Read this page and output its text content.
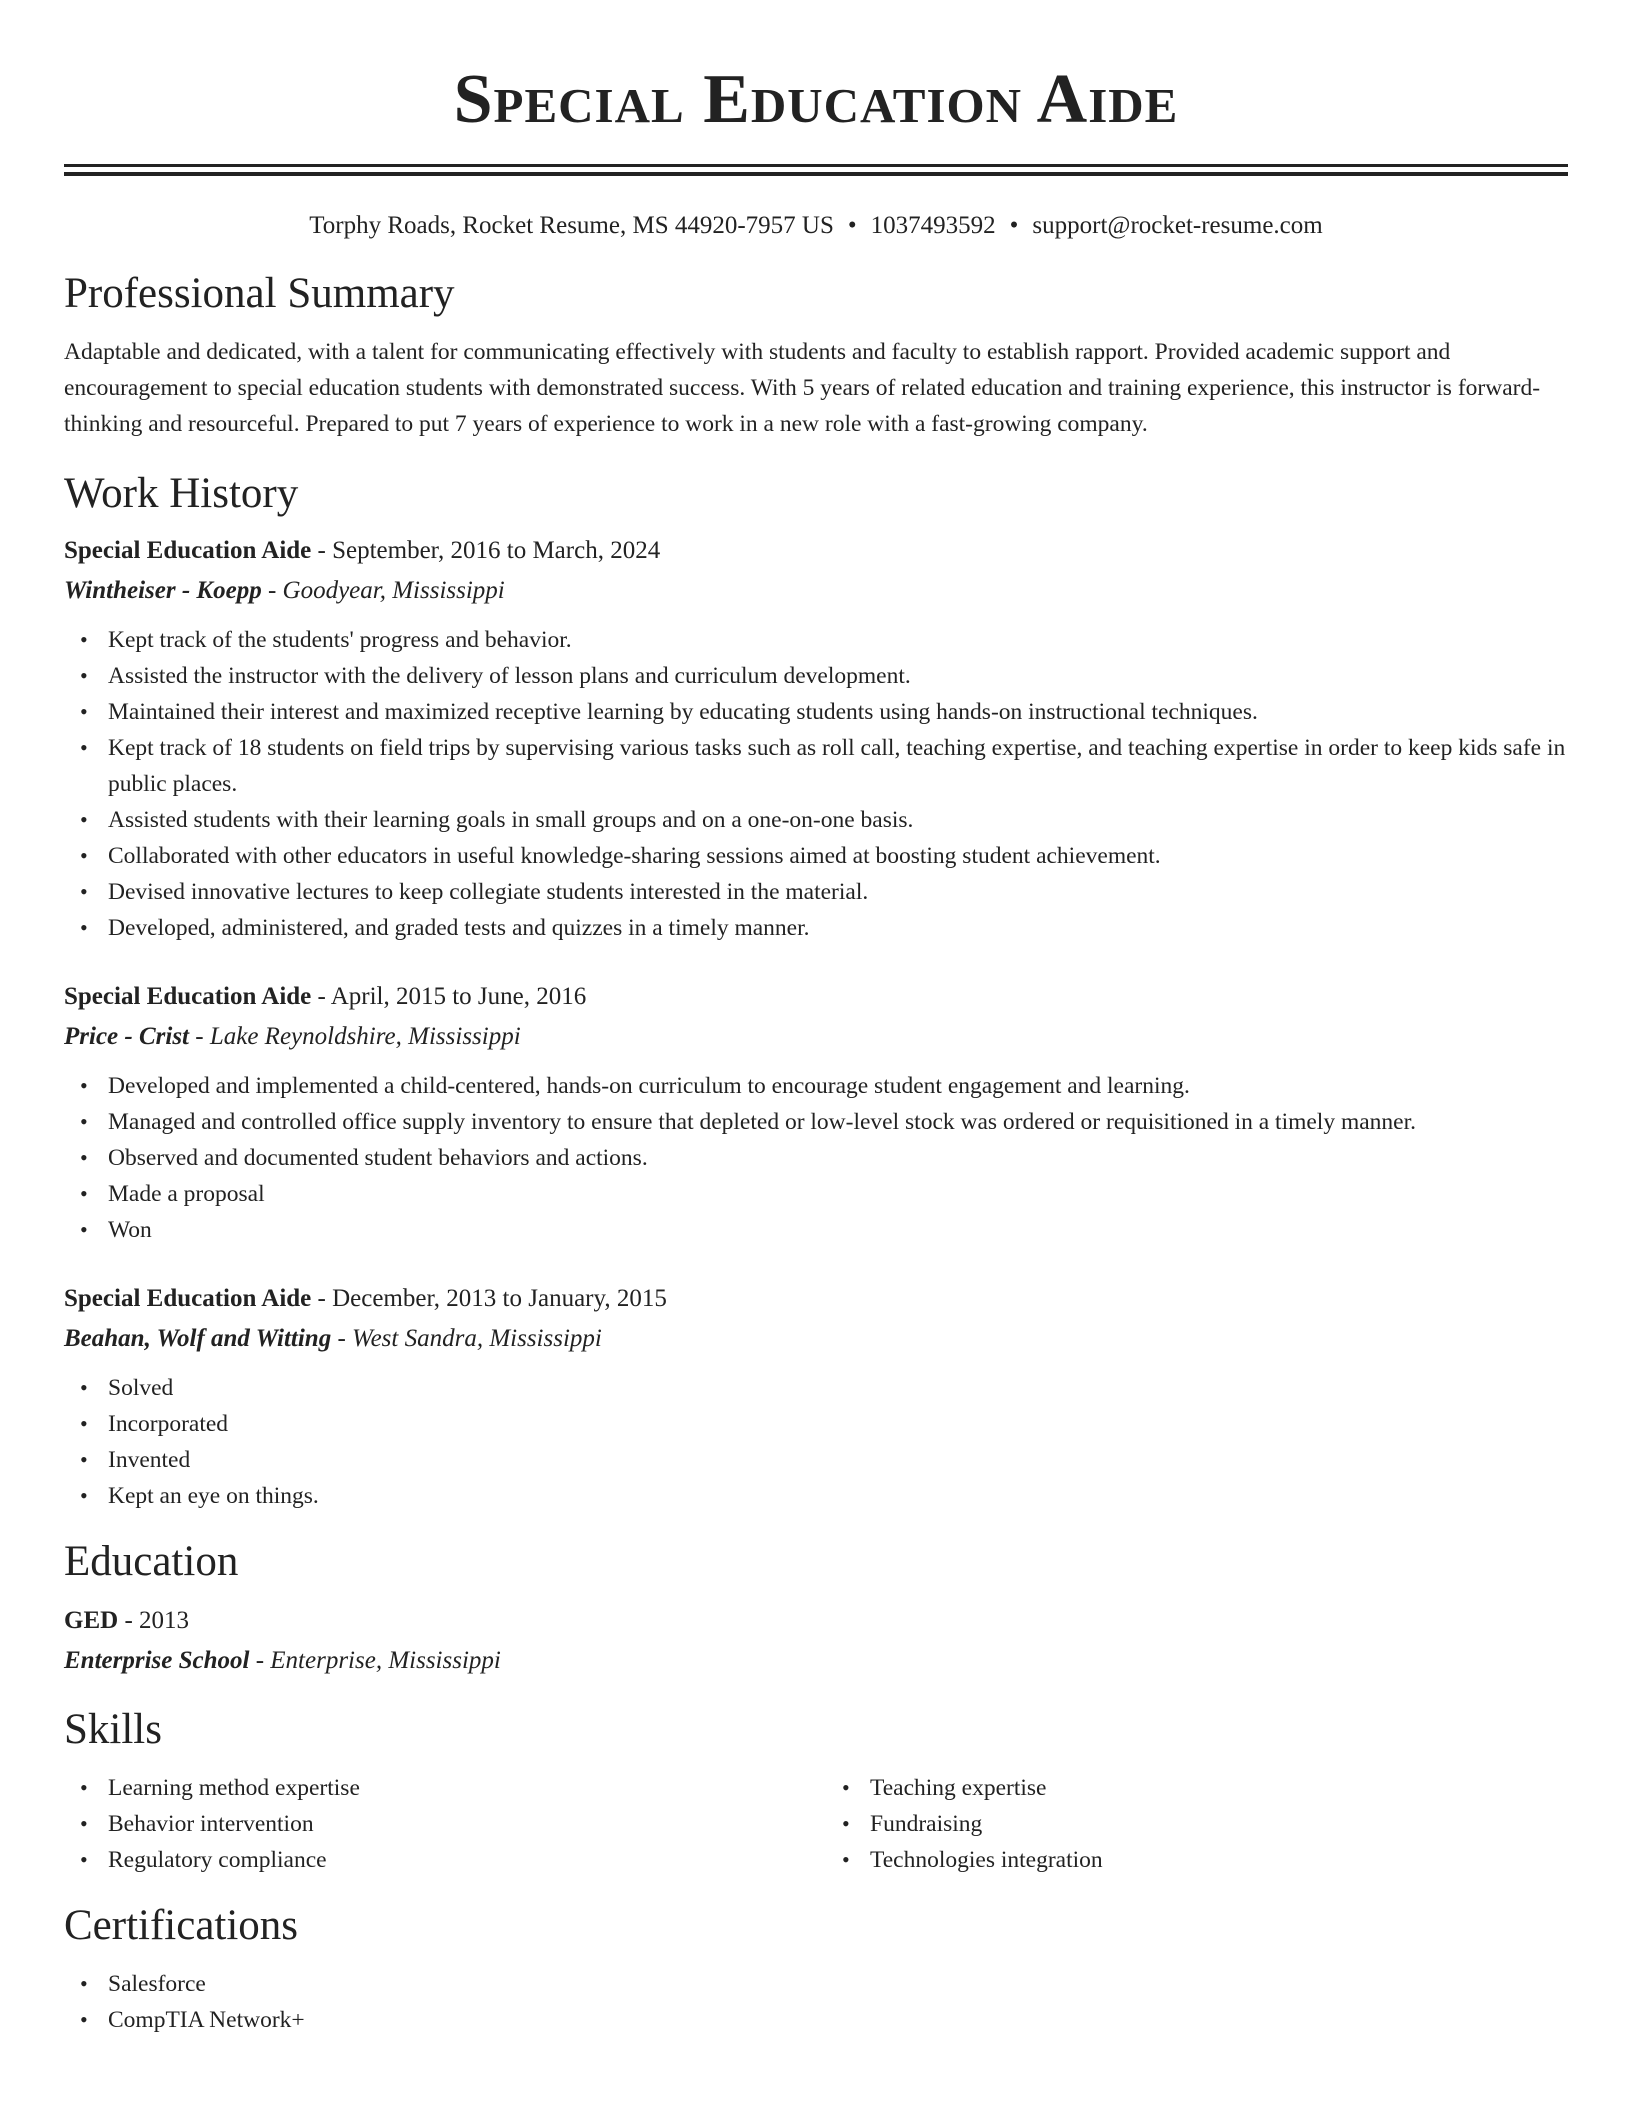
Special Education Aide
Torphy Roads, Rocket Resume, MS 44920-7957 US • 1037493592 • support@rocket-resume.com
Professional Summary

Adaptable and dedicated, with a talent for communicating effectively with students and faculty to establish rapport. Provided academic support and encouragement to special education students with demonstrated success. With 5 years of related education and training experience, this instructor is forward-thinking and resourceful. Prepared to put 7 years of experience to work in a new role with a fast-growing company.

Work History
Special Education Aide - September, 2016 to March, 2024
Wintheiser - Koepp - Goodyear, Mississippi
• Kept track of the students' progress and behavior.
• Assisted the instructor with the delivery of lesson plans and curriculum development.
• Maintained their interest and maximized receptive learning by educating students using hands-on instructional techniques.
• Kept track of 18 students on field trips by supervising various tasks such as roll call, teaching expertise, and teaching expertise in order to keep kids safe in public places.
• Assisted students with their learning goals in small groups and on a one-on-one basis.
• Collaborated with other educators in useful knowledge-sharing sessions aimed at boosting student achievement.
• Devised innovative lectures to keep collegiate students interested in the material.
• Developed, administered, and graded tests and quizzes in a timely manner.
Special Education Aide - April, 2015 to June, 2016
Price - Crist - Lake Reynoldshire, Mississippi
• Developed and implemented a child-centered, hands-on curriculum to encourage student engagement and learning.
• Managed and controlled office supply inventory to ensure that depleted or low-level stock was ordered or requisitioned in a timely manner.
• Observed and documented student behaviors and actions.
• Made a proposal
• Won
Special Education Aide - December, 2013 to January, 2015
Beahan, Wolf and Witting - West Sandra, Mississippi
• Solved
• Incorporated
• Invented
• Kept an eye on things.
Education
GED - 2013
Enterprise School - Enterprise, Mississippi
Skills
• Learning method expertise
• Behavior intervention
• Regulatory compliance
• Teaching expertise
• Fundraising
• Technologies integration
Certifications
• Salesforce
• CompTIA Network+
